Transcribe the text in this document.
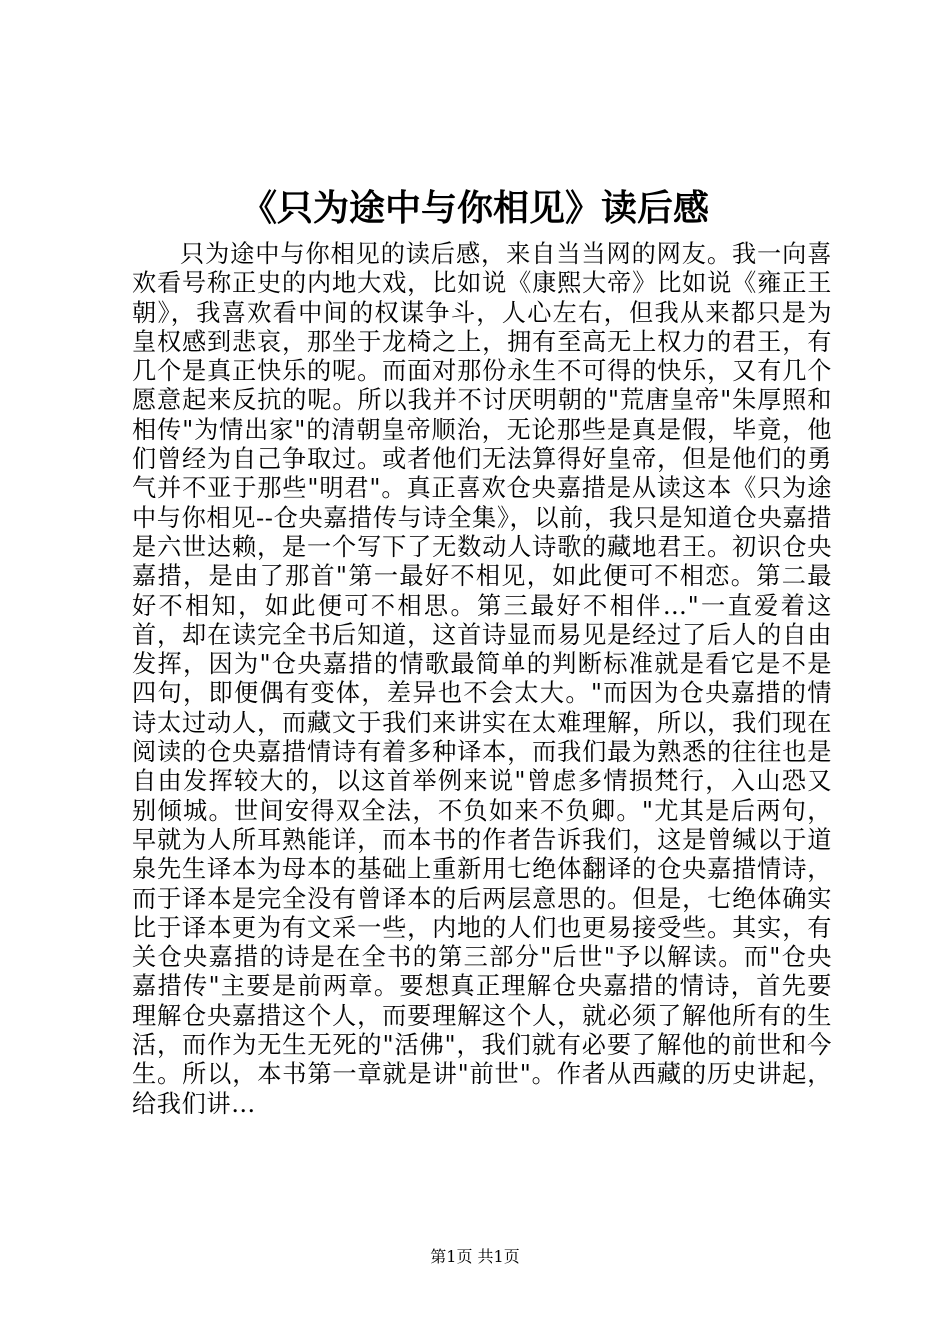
《只为途中与你相见》读后感

只为途中与你相见的读后感，来自当当网的网友。我一向喜欢看号称正史的内地大戏，比如说《康熙大帝》比如说《雍正王朝》，我喜欢看中间的权谋争斗，人心左右，但我从来都只是为皇权感到悲哀，那坐于龙椅之上，拥有至高无上权力的君王，有几个是真正快乐的呢。而面对那份永生不可得的快乐，又有几个愿意起来反抗的呢。所以我并不讨厌明朝的"荒唐皇帝"朱厚照和相传"为情出家"的清朝皇帝顺治，无论那些是真是假，毕竟，他们曾经为自己争取过。或者他们无法算得好皇帝，但是他们的勇气并不亚于那些"明君"。真正喜欢仓央嘉措是从读这本《只为途中与你相见--仓央嘉措传与诗全集》，以前，我只是知道仓央嘉措是六世达赖，是一个写下了无数动人诗歌的藏地君王。初识仓央嘉措，是由了那首"第一最好不相见，如此便可不相恋。第二最好不相知，如此便可不相思。第三最好不相伴…"一直爱着这首，却在读完全书后知道，这首诗显而易见是经过了后人的自由发挥，因为"仓央嘉措的情歌最简单的判断标准就是看它是不是四句，即便偶有变体，差异也不会太大。"而因为仓央嘉措的情诗太过动人，而藏文于我们来讲实在太难理解，所以，我们现在阅读的仓央嘉措情诗有着多种译本，而我们最为熟悉的往往也是自由发挥较大的，以这首举例来说"曾虑多情损梵行，入山恐又别倾城。世间安得双全法，不负如来不负卿。"尤其是后两句，早就为人所耳熟能详，而本书的作者告诉我们，这是曾缄以于道泉先生译本为母本的基础上重新用七绝体翻译的仓央嘉措情诗，而于译本是完全没有曾译本的后两层意思的。但是，七绝体确实比于译本更为有文采一些，内地的人们也更易接受些。其实，有关仓央嘉措的诗是在全书的第三部分"后世"予以解读。而"仓央嘉措传"主要是前两章。要想真正理解仓央嘉措的情诗，首先要理解仓央嘉措这个人，而要理解这个人，就必须了解他所有的生活，而作为无生无死的"活佛"，我们就有必要了解他的前世和今生。所以，本书第一章就是讲"前世"。作者从西藏的历史讲起，给我们讲…

第1页 共1页
